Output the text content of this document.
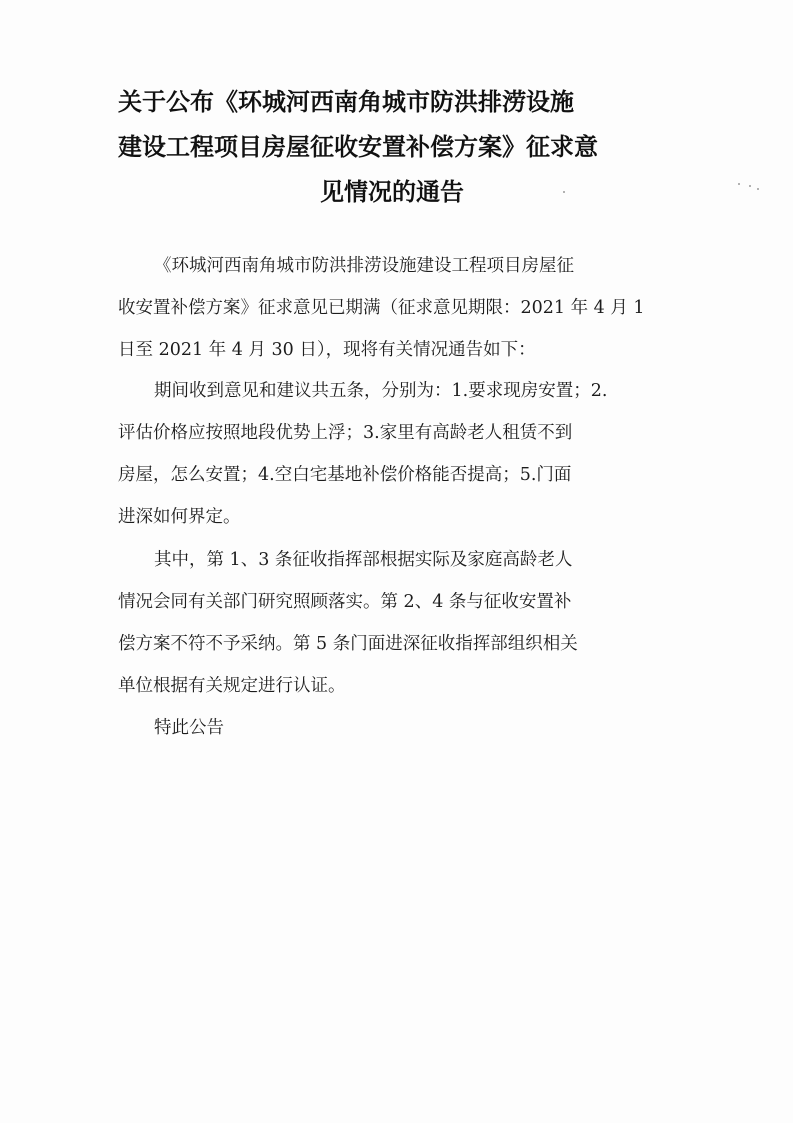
关于公布《环城河西南角城市防洪排涝设施
建设工程项目房屋征收安置补偿方案》征求意
见情况的通告
《环城河西南角城市防洪排涝设施建设工程项目房屋征
收安置补偿方案》征求意见已期满（征求意见期限：2021 年 4 月 1
日至 2021 年 4 月 30 日），现将有关情况通告如下：
期间收到意见和建议共五条，分别为：1.要求现房安置；2.
评估价格应按照地段优势上浮；3.家里有高龄老人租赁不到
房屋，怎么安置；4.空白宅基地补偿价格能否提高；5.门面
进深如何界定。
其中，第 1、3 条征收指挥部根据实际及家庭高龄老人
情况会同有关部门研究照顾落实。第 2、4 条与征收安置补
偿方案不符不予采纳。第 5 条门面进深征收指挥部组织相关
单位根据有关规定进行认证。
特此公告
